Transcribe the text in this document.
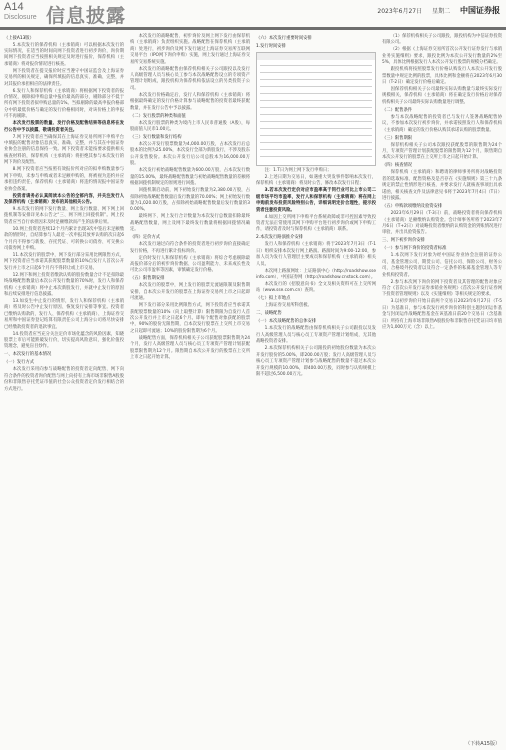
A14
Disclosure 信息披露	2023年6月27日 星期二 中国证券报

（上接A13版）

5.本次发行的保荐机构（主承销商）可以根据本次发行的实际情况，在适当的时间向网下投资者进行初步询价，询价期间网下投资者应当按照相关规定及时进行报价，保荐机构（主承销商）将对报价情况进行核查。

网下投资者在提交报价时应当遵守中国证监会及上海证券交易所的相关规定，确保所填报的信息真实、准确、完整，并对其报价承担相应的法律责任。

6.发行人和保荐机构（主承销商）将根据网下投资者的报价情况，剔除拟申购总量中报价最高的部分，剔除部分不低于所有网下投资者拟申购总量的1%。当拟剔除的最高申报价格部分中的最低价格与确定的发行价格相同时，对该价格上的申报可不再剔除。

本次发行股票的数量、发行价格及配售结果等信息将在发行公告中予以披露，敬请投资者关注。

7.网下投资者应当确保其在上海证券交易所网下申购平台中填报的配售对象信息真实、准确、完整，并与其在中国证券业协会注册的信息保持一致。网下投资者未能按要求提供相关核查材料的，保荐机构（主承销商）将拒绝其参与本次发行的网下询价及配售。

8.网下投资者应当按照有效报价所对应的拟申购数量参与网下申购，未参与申购或者未足额申购的，将被视为违约并应承担违约责任，保荐机构（主承销商）将违约情况报中国证券业协会备案。

投资者请务必认真阅读本公告的全部内容，并关注发行人及保荐机构（主承销商）发布的其他相关公告。

9.本次发行的网下发行数量、网上发行数量、网下网上回拨机制等安排详见本公告之“三、网下网上回拨机制”。网上投资者应当自行承担因未及时足额缴款而产生的法律后果。

10.网上投资者连续12个月内累计出现3次中签后未足额缴款的情形时，自结算参与人最近一次申报其放弃认购的次日起6个月内不得参与新股、存托凭证、可转换公司债券、可交换公司债券网上申购。

11.本次发行的股票中，网下发行部分采用比例限售方式，网下投资者应当承诺其获配股票数量的10%自发行人首次公开发行并上市之日起6个月内不得转让或上市交易。

12.网下和网上投资者缴款认购的股份数量合计不足扣除最终战略配售数量后本次公开发行数量的70%时，发行人和保荐机构（主承销商）将中止本次新股发行，并就中止发行的原因和后续安排进行信息披露。

13.如发生中止发行的情形，发行人和保荐机构（主承销商）将及时公告中止发行原因、恢复发行安排等事宜。投资者已缴纳认购款的，发行人、保荐机构（主承销商）、上海证券交易所和中国证券登记结算有限责任公司上海分公司将尽快安排已经缴款投资者的退款事宜。

14.投资者应当充分关注定价市场化蕴含的风险因素，知晓股票上市后可能跌破发行价，切实提高风险意识，强化价值投资理念，避免盲目炒作。

一、本次发行的基本情况

（一）发行方式

本次发行采用向参与战略配售的投资者定向配售、网下向符合条件的投资者询价配售与网上向持有上海市场非限售A股股份和非限售存托凭证市值的社会公众投资者定价发行相结合的方式进行。

本次发行的战略配售、初步询价及网上网下发行由保荐机构（主承销商）负责组织实施。战略配售在保荐机构（主承销商）处进行，初步询价及网下发行通过上海证券交易所互联网交易平台（IPO网下询价申购）实施，网上发行通过上海证券交易所交易系统实施。

本次发行的战略配售由保荐机构相关子公司跟投以及发行人高级管理人员与核心员工参与本次战略配售设立的专项资产管理计划组成，跟投机构为保荐机构依法设立的另类投资子公司。

本次发行价格确定后，发行人和保荐机构（主承销商）将根据最终确定的发行价格计算参与战略配售的投资者最终获配数量，并在发行公告中予以披露。

（二）发行股票的种类和面值

本次发行股票的种类为境内上市人民币普通股（A股），每股面值人民币1.00元。

（三）发行数量和发行结构

本次公开发行股票数量为4,000.00万股，占本次发行后总股本的比例为25.00%，本次发行全部为新股发行，不涉及股东公开发售股份。本次公开发行后公司总股本为16,000.00万股。

本次发行初始战略配售数量为600.00万股，占本次发行数量的15.00%，最终战略配售数量与初始战略配售数量的差额将根据回拨机制规定的原则进行回拨。

回拨机制启动前，网下初始发行数量为2,380.00万股，占扣除初始战略配售数量后发行数量的70.00%；网上初始发行数量为1,020.00万股，占扣除初始战略配售数量后发行数量的30.00%。

最终网下、网上发行合计数量为本次发行总数量扣除最终战略配售数量，网上及网下最终发行数量将根据回拨情况确定。

（四）定价方式

本次发行通过向符合条件的投资者进行初步询价直接确定发行价格，不再进行累计投标询价。

定价时发行人和保荐机构（主承销商）将综合考虑剔除最高报价部分后的初步询价数据、公司盈利能力、未来成长性及可比公司市盈率等因素，审慎确定发行价格。

（五）限售期安排

本次发行的股票中，网上发行的股票无流通限制及限售期安排，自本次公开发行的股票在上海证券交易所上市之日起即可流通。

网下发行部分采用比例限售方式，网下投资者应当承诺其获配股票数量的10%（向上取整计算）限售期限为自发行人首次公开发行并上市之日起6个月。即每个配售对象获配的股票中，90%的股份无限售期，自本次发行股票在上交所上市交易之日起即可流通；10%的股份限售期为6个月。

战略配售方面，保荐机构相关子公司获配股票限售期为24个月，发行人高级管理人员与核心员工专项资产管理计划获配股票限售期为12个月。限售期自本次公开发行的股票在上交所上市之日起开始计算。

（六）本次发行重要时间安排

1.发行时间安排

注：1.T日为网上网下发行申购日；

2.上述日期为交易日，如遇重大突发事件影响本次发行，保荐机构（主承销商）将及时公告，修改本次发行日程；

3.若本次发行定价对应市盈率高于同行业可比上市公司二级市场平均市盈率，发行人和保荐机构（主承销商）将在网上申购前发布投资风险特别公告，详细说明定价合理性，提示投资者注意投资风险。

4.如因上交所网下申购平台系统故障或非可控因素导致投资者无法正常使用其网下申购平台进行初步询价或网下申购工作，请投资者及时与保荐机构（主承销商）联系。

2.本次发行路演推介安排

发行人和保荐机构（主承销商）将于2023年7月3日（T-1日）组织安排本次发行网上路演。路演时间为9:00-12:00，参加人员为发行人管理层主要成员和保荐机构（主承销商）相关人员。

本次网上路演网址：上证路演中心（http://roadshow.sseinfo.com）、中国证券网（http://roadshow.cnstock.com）。

本次发行的《招股意向书》全文及相关资料可在上交所网站（www.sse.com.cn）查询。

（七）拟上市地点

上海证券交易所科创板。

二、战略配售

（一）本次战略配售的总体安排

1.本次发行的战略配售由保荐机构相关子公司跟投以及发行人高级管理人员与核心员工专项资产管理计划组成，无其他战略投资者安排。

2.本次保荐机构相关子公司跟投的初始股份数量为本次公开发行股份的5.00%，即200.00万股；发行人高级管理人员与核心员工专项资产管理计划参与战略配售的数量不超过本次公开发行规模的10.00%，即400.00万股，同时参与认购规模上限不超过6,500.00万元。

（1）保荐机构相关子公司跟投，跟投机构为中信证券投资有限公司。

（2）根据《上海证券交易所首次公开发行证券发行与承销业务实施细则》要求，跟投比例为本次公开发行数量的2%至5%，具体比例根据发行人本次公开发行股票的规模分档确定。

跟投机构将按照股票发行价格认购发行人本次公开发行股票数量中规定比例的股票，具体比例和金额将在2023年6月30日（T-2日）确定发行价格后确定。

因保荐机构相关子公司最终实际认购数量与最终实际发行规模相关，保荐机构（主承销商）将在确定发行价格后对保荐机构相关子公司最终实际认购数量进行调整。

（二）配售条件

参与本次战略配售的投资者已与发行人签署战略配售协议，不参加本次发行初步询价，并承诺按照发行人和保荐机构（主承销商）确定的发行价格认购其承诺认购的股票数量。

（三）限售期限

保荐机构相关子公司本次跟投获配股票的限售期为24个月，专项资产管理计划获配股票的限售期为12个月，限售期自本次公开发行的股票在上交所上市之日起开始计算。

（四）核查情况

保荐机构（主承销商）和聘请的律师事务所将对战略投资者的选取标准、配售资格及是否存在《实施细则》第三十九条规定的禁止性情形进行核查，并要求发行人就核查事项出具承诺函，相关核查文件及法律意见书将于2023年7月4日（T日）进行披露。

（五）申购款项缴纳及验资安排

2023年6月29日（T-3日）前，战略投资者将向保荐机构（主承销商）足额缴纳认购资金。会计师事务所将于2023年7月6日（T+2日）对战略投资者缴纳的认购资金的到账情况进行审验，并出具验资报告。

三、网下初步询价安排

（一）参与网下询价的投资者标准

1.本次网下发行对象为经中国证券业协会注册的证券公司、基金管理公司、期货公司、信托公司、保险公司、财务公司、合格境外投资者以及符合一定条件的私募基金管理人等专业机构投资者。

2.参与本次网下询价的网下投资者及其管理的配售对象应符合《首次公开发行证券承销业务规则》《首次公开发行证券网下投资者管理规则》以及《实施细则》等相关规定的要求。

3.以初步询价开始日前两个交易日2023年6月27日（T-5日）为基准日，参与本次发行初步询价的科创主题封闭运作基金与封闭运作战略配售基金在该基准日前20个交易日（含基准日）所持有上海市场非限售A股股份和非限售存托凭证日均市值应为1,000万元（含）以上。

（下转A15版）
